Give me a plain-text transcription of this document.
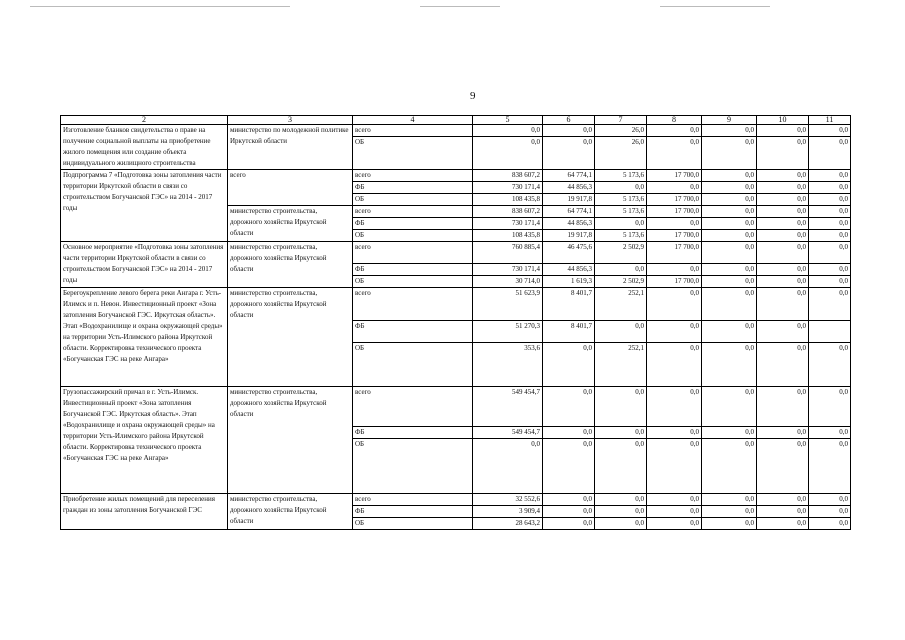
9
2	3	4	5	6	7	8	9	10	11
Изготовление бланков свидетельства о праве на получение социальной выплаты на приобретение жилого помещения или создание объекта индивидуального жилищного строительства	министерство по молодежной политике Иркутской области	всего	0,0	0,0	26,0	0,0	0,0	0,0	0,0
		ОБ	0,0	0,0	26,0	0,0	0,0	0,0	0,0
Подпрограмма 7 «Подготовка зоны затопления части территории Иркутской области в связи со строительством Богучанской ГЭС» на 2014 - 2017 годы	всего	всего	838 607,2	64 774,1	5 173,6	17 700,0	0,0	0,0	0,0
		ФБ	730 171,4	44 856,3	0,0	0,0	0,0	0,0	0,0
		ОБ	108 435,8	19 917,8	5 173,6	17 700,0	0,0	0,0	0,0
	министерство строительства, дорожного хозяйства Иркутской области	всего	838 607,2	64 774,1	5 173,6	17 700,0	0,0	0,0	0,0
		ФБ	730 171,4	44 856,3	0,0	0,0	0,0	0,0	0,0
		ОБ	108 435,8	19 917,8	5 173,6	17 700,0	0,0	0,0	0,0
Основное мероприятие «Подготовка зоны затопления части территории Иркутской области в связи со строительством Богучанской ГЭС» на 2014 - 2017 годы	министерство строительства, дорожного хозяйства Иркутской области	всего	760 885,4	46 475,6	2 502,9	17 700,0	0,0	0,0	0,0
		ФБ	730 171,4	44 856,3	0,0	0,0	0,0	0,0	0,0
		ОБ	30 714,0	1 619,3	2 502,9	17 700,0	0,0	0,0	0,0
Берегоукрепление левого берега реки Ангара г. Усть-Илимск и п. Невон. Инвестиционный проект «Зона затопления Богучанской ГЭС. Иркутская область». Этап «Водохранилище и охрана окружающей среды» на территории Усть-Илимского района Иркутской области. Корректировка технического проекта «Богучанская ГЭС на реке Ангара»	министерство строительства, дорожного хозяйства Иркутской области	всего	51 623,9	8 401,7	252,1	0,0	0,0	0,0	0,0
		ФБ	51 270,3	8 401,7	0,0	0,0	0,0	0,0	
		ОБ	353,6	0,0	252,1	0,0	0,0	0,0	0,0
Грузопассажирский причал в г. Усть-Илимск. Инвестиционный проект «Зона затопления Богучанской ГЭС. Иркутская область». Этап «Водохранилище и охрана окружающей среды» на территории Усть-Илимского района Иркутской области. Корректировка технического проекта «Богучанская ГЭС на реке Ангара»	министерство строительства, дорожного хозяйства Иркутской области	всего	549 454,7	0,0	0,0	0,0	0,0	0,0	0,0
		ФБ	549 454,7	0,0	0,0	0,0	0,0	0,0	0,0
		ОБ	0,0	0,0	0,0	0,0	0,0	0,0	0,0
Приобретение жилых помещений для переселения граждан из зоны затопления Богучанской ГЭС	министерство строительства, дорожного хозяйства Иркутской области	всего	32 552,6	0,0	0,0	0,0	0,0	0,0	0,0
		ФБ	3 909,4	0,0	0,0	0,0	0,0	0,0	0,0
		ОБ	28 643,2	0,0	0,0	0,0	0,0	0,0	0,0
